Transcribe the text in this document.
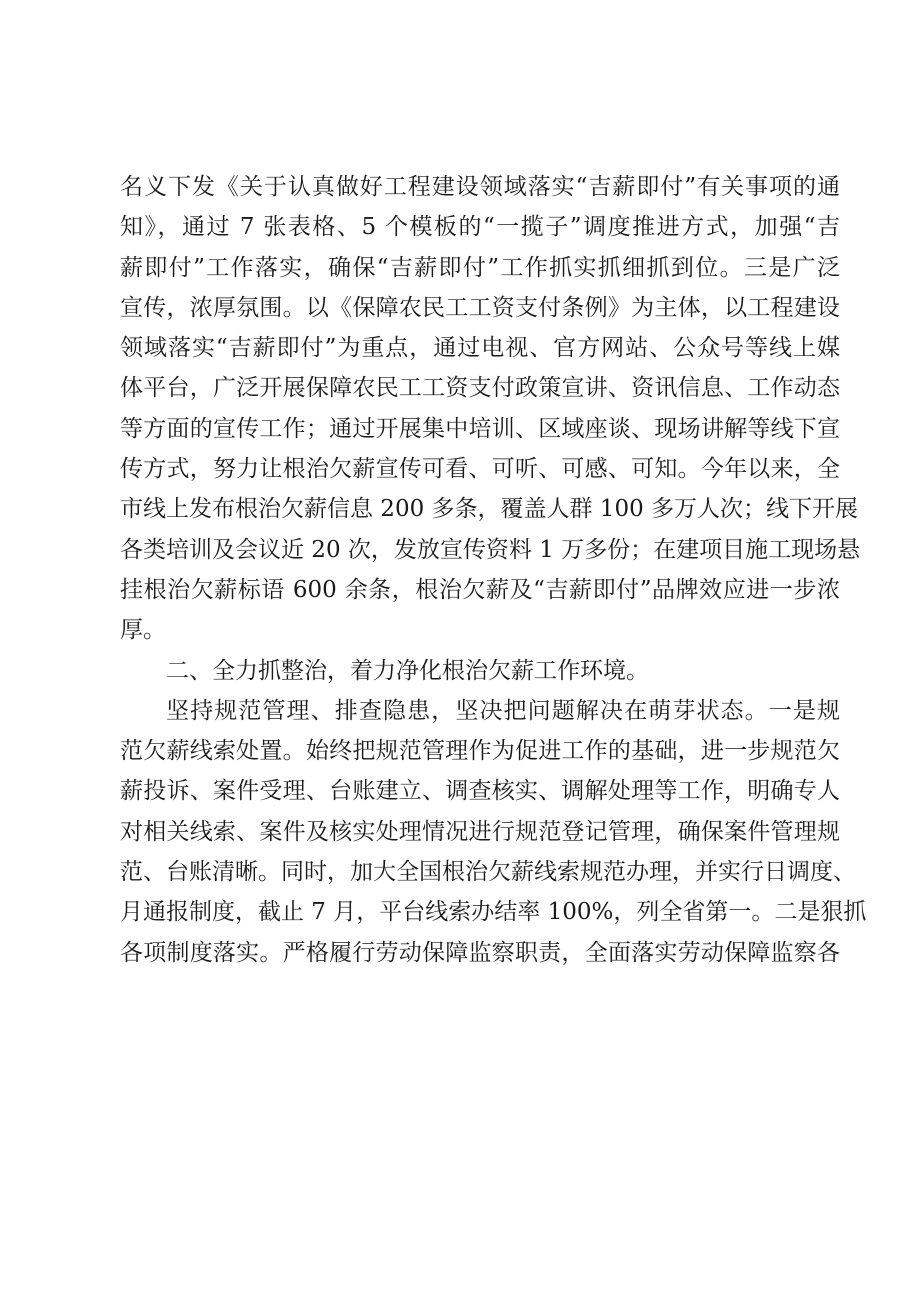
名义下发《关于认真做好工程建设领域落实“吉薪即付”有关事项的通
知》，通过 7 张表格、5 个模板的“一揽子”调度推进方式，加强“吉
薪即付”工作落实，确保“吉薪即付”工作抓实抓细抓到位。三是广泛
宣传，浓厚氛围。以《保障农民工工资支付条例》为主体，以工程建设
领域落实“吉薪即付”为重点，通过电视、官方网站、公众号等线上媒
体平台，广泛开展保障农民工工资支付政策宣讲、资讯信息、工作动态
等方面的宣传工作；通过开展集中培训、区域座谈、现场讲解等线下宣
传方式，努力让根治欠薪宣传可看、可听、可感、可知。今年以来，全
市线上发布根治欠薪信息 200 多条，覆盖人群 100 多万人次；线下开展
各类培训及会议近 20 次，发放宣传资料 1 万多份；在建项目施工现场悬
挂根治欠薪标语 600 余条，根治欠薪及“吉薪即付”品牌效应进一步浓
厚。
二、全力抓整治，着力净化根治欠薪工作环境。
坚持规范管理、排查隐患，坚决把问题解决在萌芽状态。一是规
范欠薪线索处置。始终把规范管理作为促进工作的基础，进一步规范欠
薪投诉、案件受理、台账建立、调查核实、调解处理等工作，明确专人
对相关线索、案件及核实处理情况进行规范登记管理，确保案件管理规
范、台账清晰。同时，加大全国根治欠薪线索规范办理，并实行日调度、
月通报制度，截止 7 月，平台线索办结率 100%，列全省第一。二是狠抓
各项制度落实。严格履行劳动保障监察职责，全面落实劳动保障监察各
